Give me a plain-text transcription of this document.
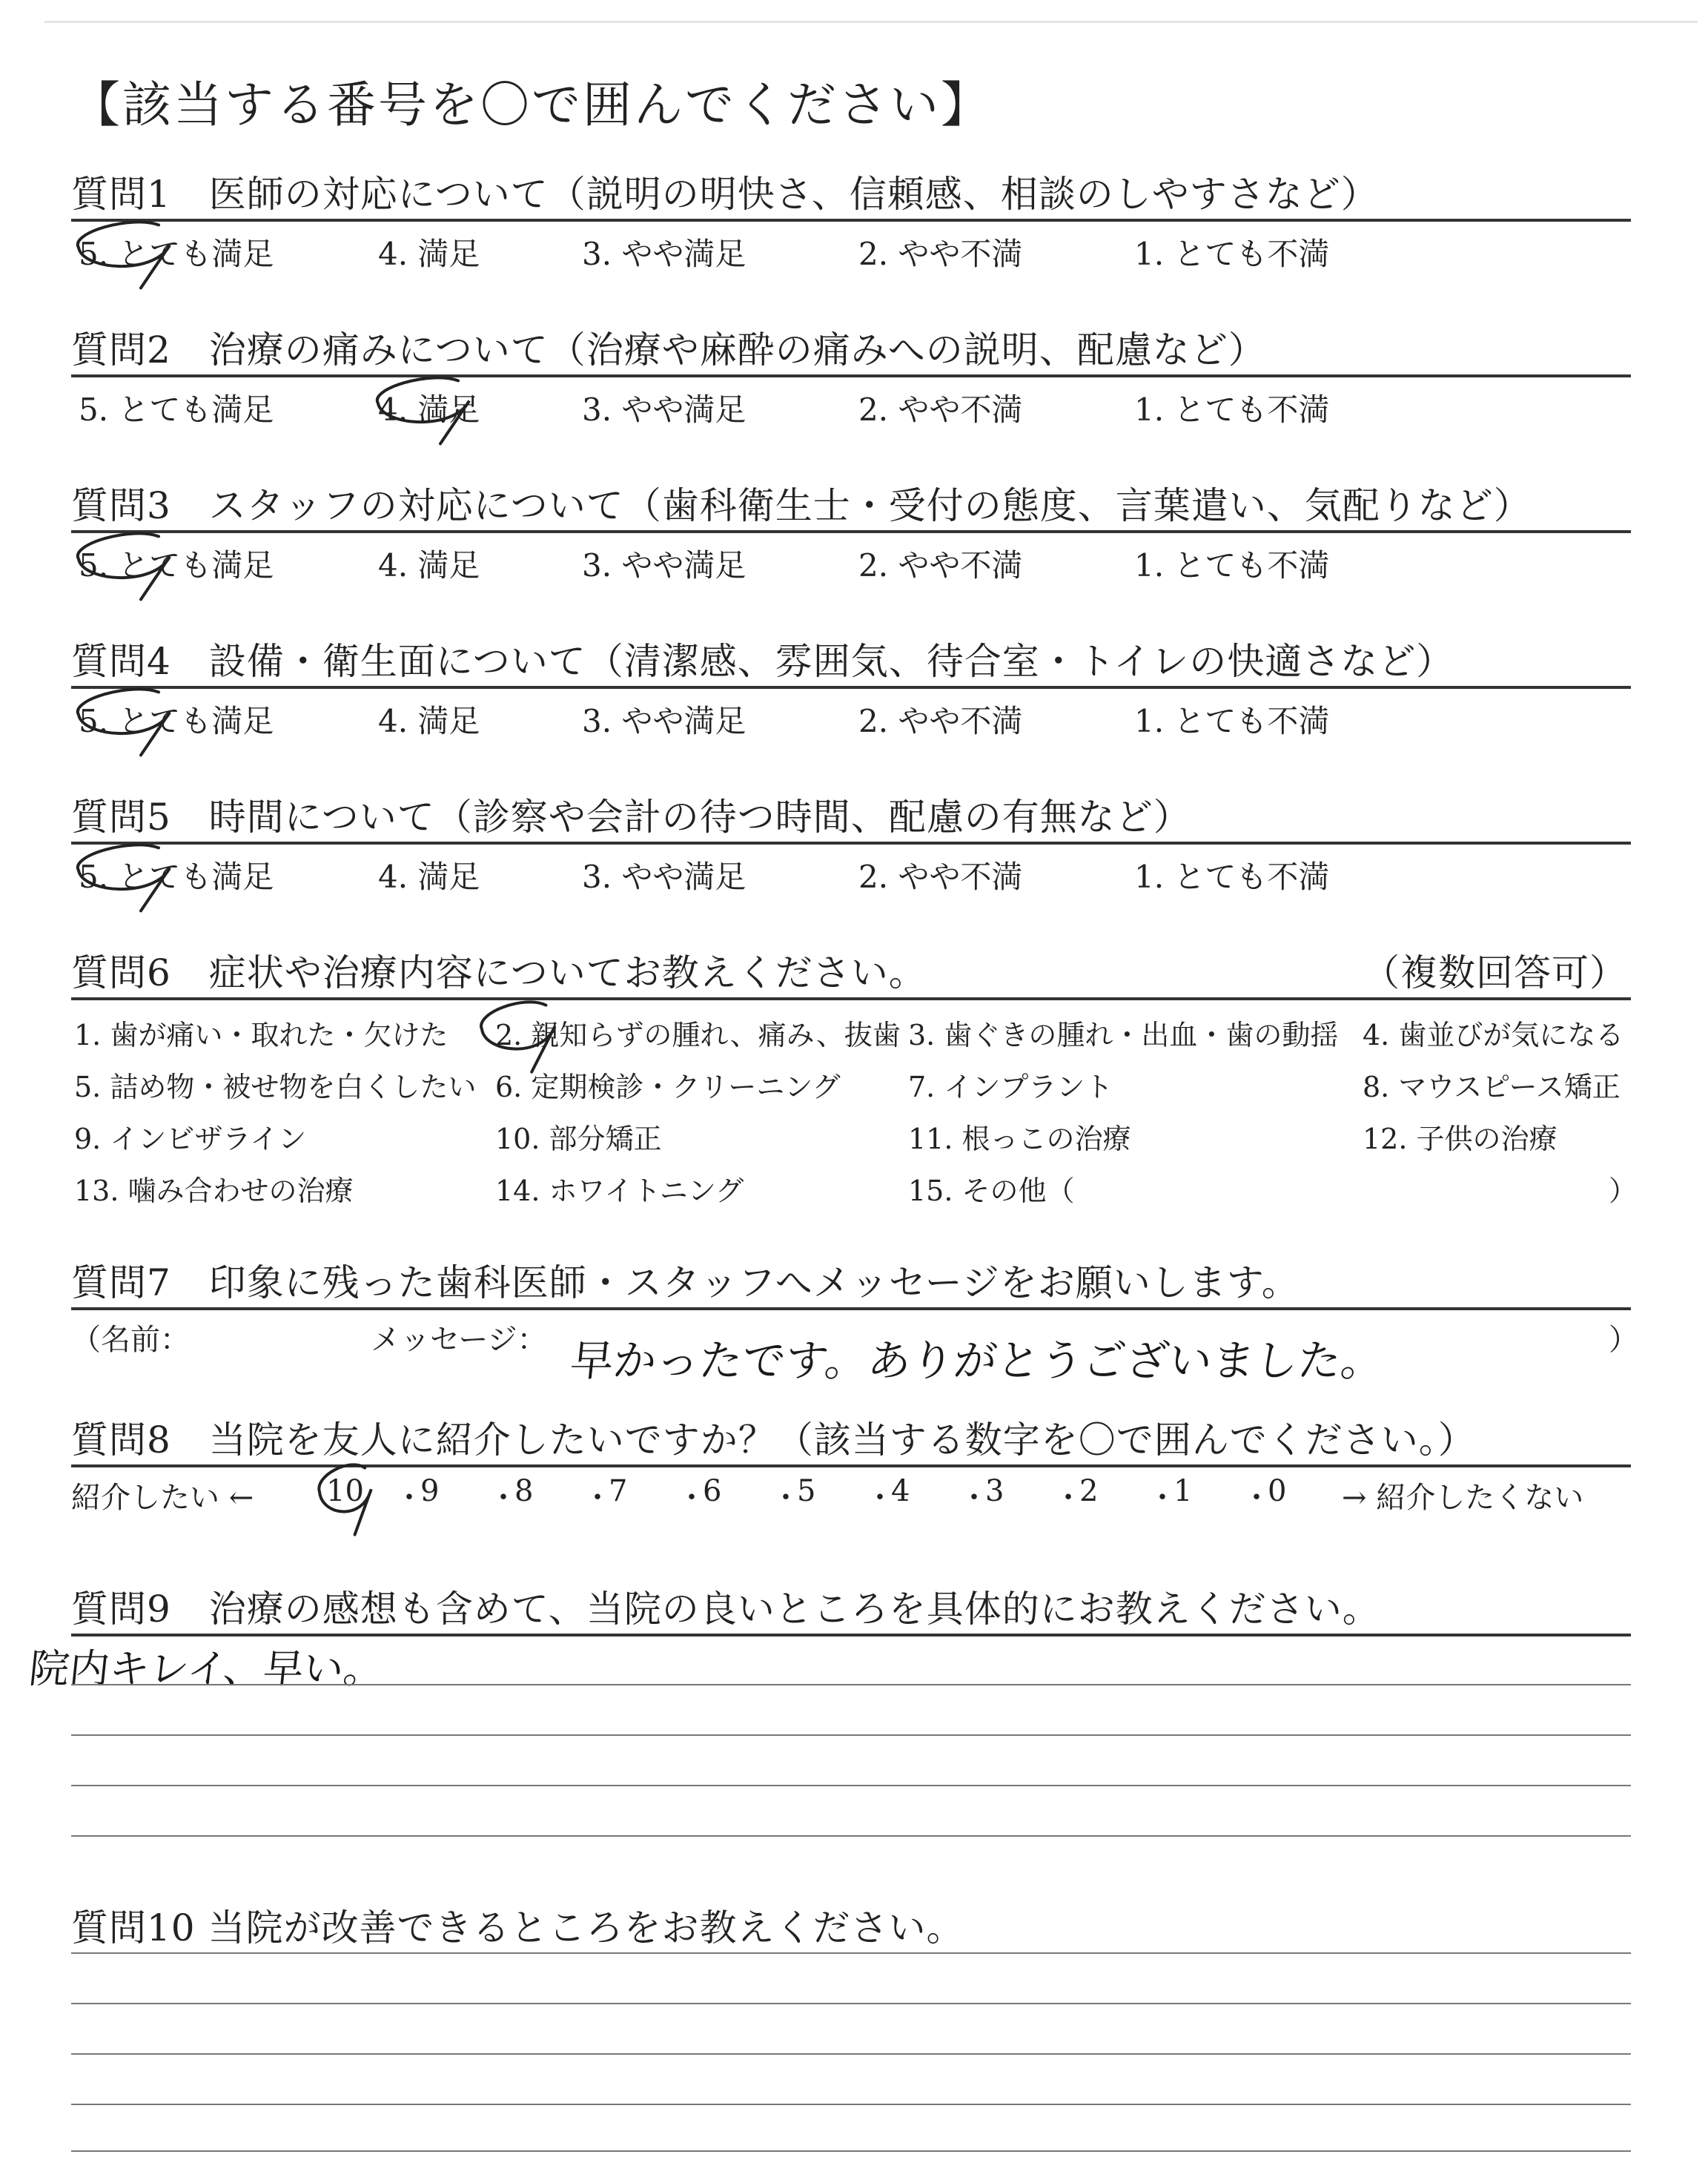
【該当する番号を〇で囲んでください】
質問1　医師の対応について（説明の明快さ、信頼感、相談のしやすさなど）
5. とても満足	4. 満足	3. やや満足	2. やや不満	1. とても不満
質問2　治療の痛みについて（治療や麻酔の痛みへの説明、配慮など）
5. とても満足	4. 満足	3. やや満足	2. やや不満	1. とても不満
質問3　スタッフの対応について（歯科衛生士・受付の態度、言葉遣い、気配りなど）
5. とても満足	4. 満足	3. やや満足	2. やや不満	1. とても不満
質問4　設備・衛生面について（清潔感、雰囲気、待合室・トイレの快適さなど）
5. とても満足	4. 満足	3. やや満足	2. やや不満	1. とても不満
質問5　時間について（診察や会計の待つ時間、配慮の有無など）
5. とても満足	4. 満足	3. やや満足	2. やや不満	1. とても不満
質問6　症状や治療内容についてお教えください。	（複数回答可）
1. 歯が痛い・取れた・欠けた 2. 親知らずの腫れ、痛み、抜歯 3. 歯ぐきの腫れ・出血・歯の動揺 4. 歯並びが気になる
5. 詰め物・被せ物を白くしたい 6. 定期検診・クリーニング 7. インプラント	8. マウスピース矯正
9. インビザライン	10. 部分矯正	11. 根っこの治療	12. 子供の治療
13. 噛み合わせの治療	14. ホワイトニング	15. その他（	）
質問7　印象に残った歯科医師・スタッフへメッセージをお願いします。
（名前：	メッセージ： 早かったです。ありがとうございました。	）
質問8　当院を友人に紹介したいですか？（該当する数字を〇で囲んでください。）
紹介したい ← 10 ・
9 ・
8 ・
7 ・
6 ・
5 ・
4 ・
3 ・
2 ・
1 ・
0 → 紹介したくない
質問9　治療の感想も含めて、当院の良いところを具体的にお教えください。
院内キレイ、早い。
質問10 当院が改善できるところをお教えください。
